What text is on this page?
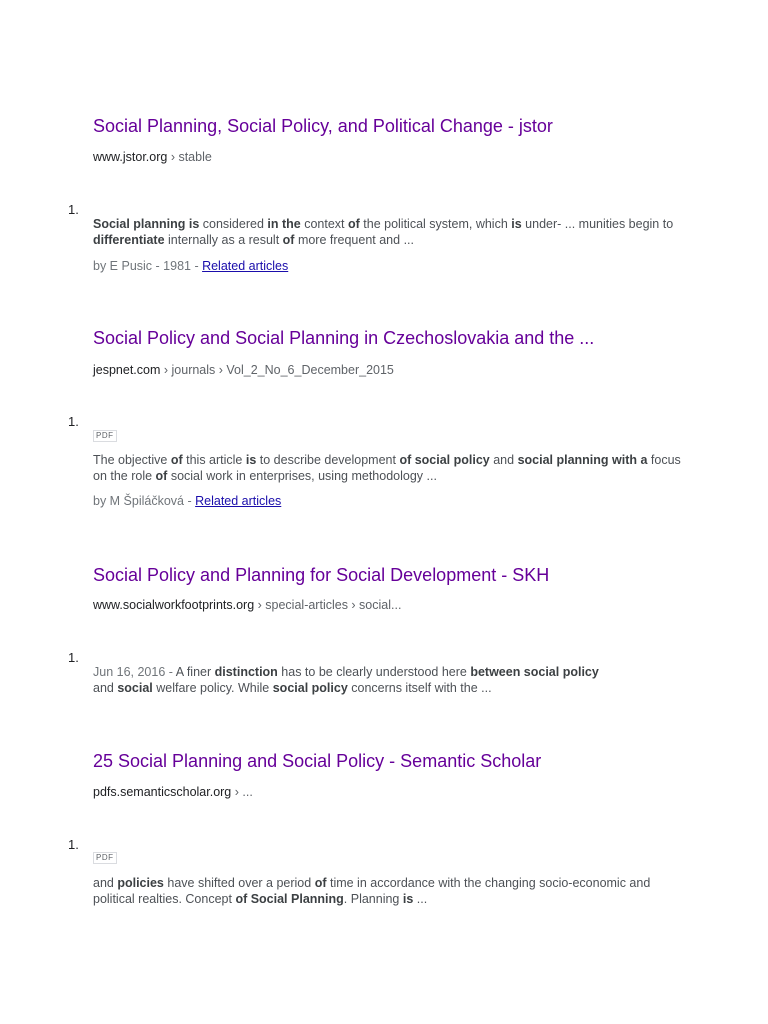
Social Planning, Social Policy, and Political Change - jstor
www.jstor.org › stable
1.
Social planning is considered in the context of the political system, which is under- ... munities begin to differentiate internally as a result of more frequent and ...
by E Pusic - 1981 - Related articles
Social Policy and Social Planning in Czechoslovakia and the ...
jespnet.com › journals › Vol_2_No_6_December_2015
1.
PDF
The objective of this article is to describe development of social policy and social planning with a focus on the role of social work in enterprises, using methodology ...
by M Špiláčková - Related articles
Social Policy and Planning for Social Development - SKH
www.socialworkfootprints.org › special-articles › social...
1.
Jun 16, 2016 - A finer distinction has to be clearly understood here between social policy and social welfare policy. While social policy concerns itself with the ...
25 Social Planning and Social Policy - Semantic Scholar
pdfs.semanticscholar.org › ...
1.
PDF
and policies have shifted over a period of time in accordance with the changing socio-economic and political realties. Concept of Social Planning. Planning is ...
